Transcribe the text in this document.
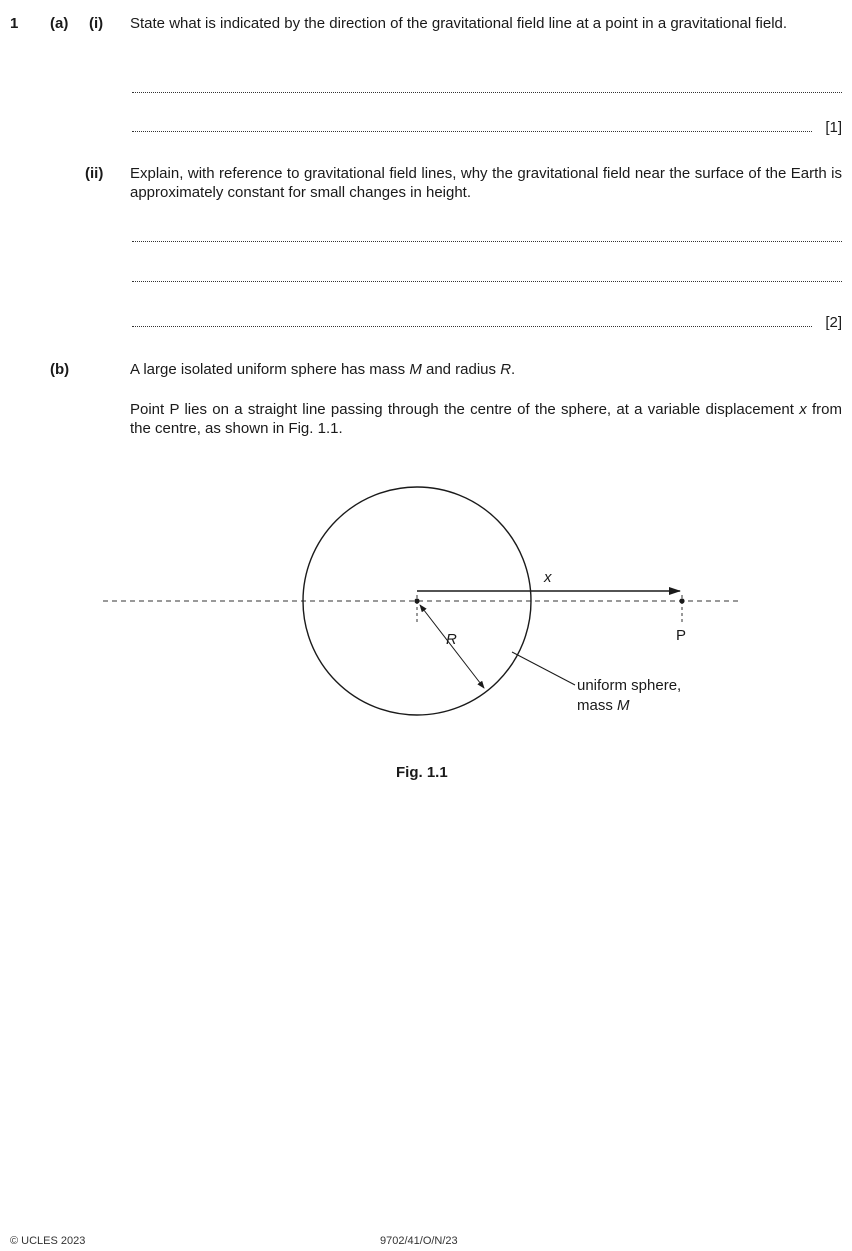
1 (a) (i) State what is indicated by the direction of the gravitational field line at a point in a gravitational field.
[1]
(ii) Explain, with reference to gravitational field lines, why the gravitational field near the surface of the Earth is approximately constant for small changes in height.
[2]
(b)	A large isolated uniform sphere has mass M and radius R.
Point P lies on a straight line passing through the centre of the sphere, at a variable displacement x from the centre, as shown in Fig. 1.1.
x
P
R
uniform sphere,
mass M
Fig. 1.1
© UCLES 2023	9702/41/O/N/23
